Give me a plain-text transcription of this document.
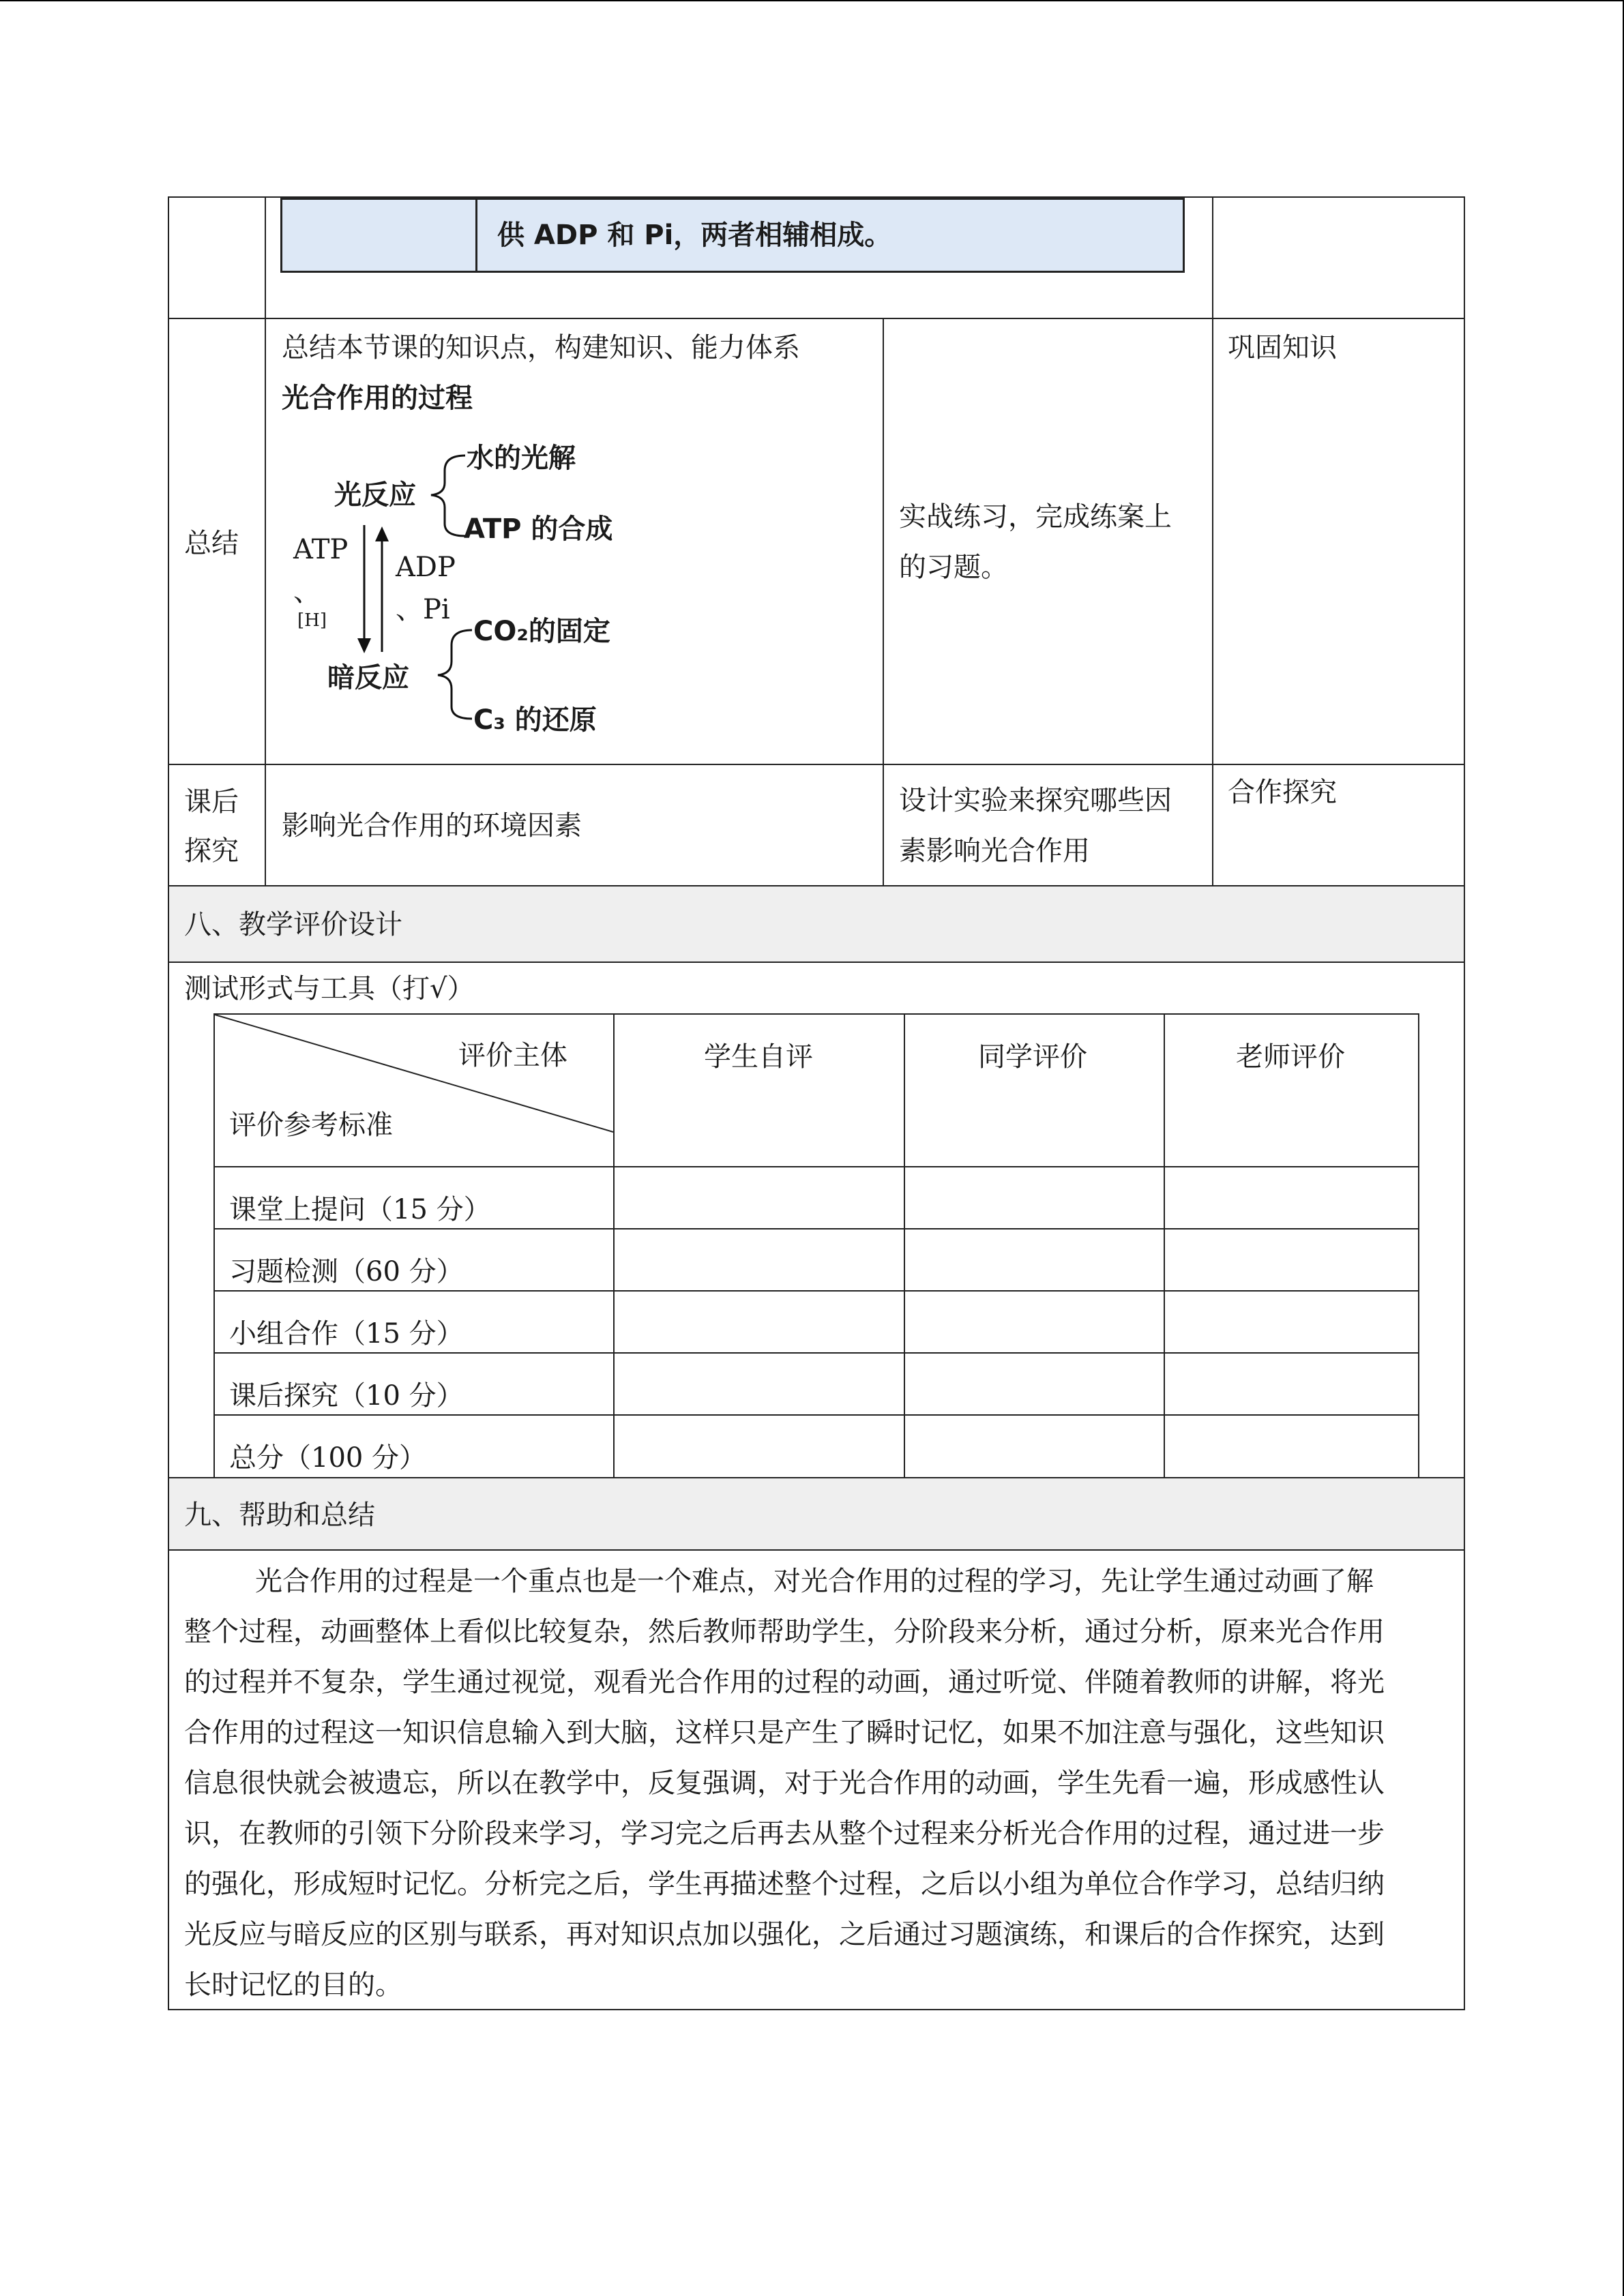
供 ADP 和 Pi，两者相辅相成。
总结
总结本节课的知识点，构建知识、能力体系
光合作用的过程
光反应
水的光解
ATP 的合成
ATP
、
[H]
ADP
、Pi
CO₂的固定
暗反应
C₃ 的还原
实战练习，完成练案上
的习题。
巩固知识
课后
探究
影响光合作用的环境因素
设计实验来探究哪些因
素影响光合作用
合作探究
八、教学评价设计
测试形式与工具（打√）
评价主体
评价参考标准
学生自评	同学评价	老师评价
课堂上提问（15 分）
习题检测（60 分）
小组合作（15 分）
课后探究（10 分）
总分（100 分）
九、帮助和总结
光合作用的过程是一个重点也是一个难点，对光合作用的过程的学习，先让学生通过动画了解
整个过程，动画整体上看似比较复杂，然后教师帮助学生，分阶段来分析，通过分析，原来光合作用
的过程并不复杂，学生通过视觉，观看光合作用的过程的动画，通过听觉、伴随着教师的讲解，将光
合作用的过程这一知识信息输入到大脑，这样只是产生了瞬时记忆，如果不加注意与强化，这些知识
信息很快就会被遗忘，所以在教学中，反复强调，对于光合作用的动画，学生先看一遍，形成感性认
识，在教师的引领下分阶段来学习，学习完之后再去从整个过程来分析光合作用的过程，通过进一步
的强化，形成短时记忆。分析完之后，学生再描述整个过程，之后以小组为单位合作学习，总结归纳
光反应与暗反应的区别与联系，再对知识点加以强化，之后通过习题演练，和课后的合作探究，达到
长时记忆的目的。
